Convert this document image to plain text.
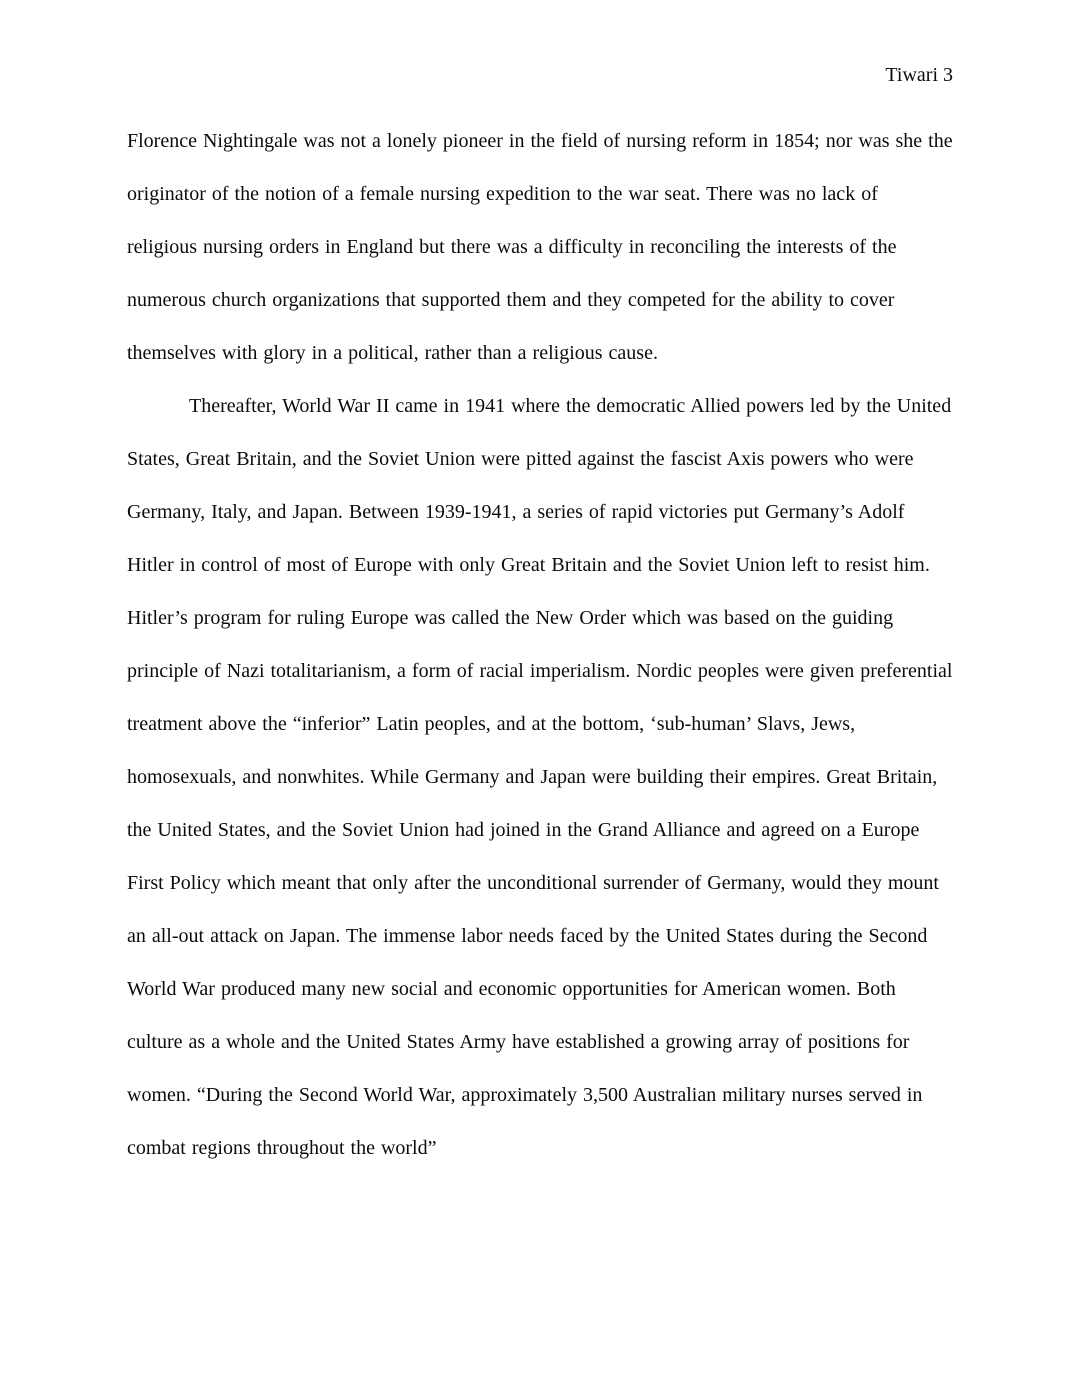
Tiwari 3

Florence Nightingale was not a lonely pioneer in the field of nursing reform in 1854; nor was she the originator of the notion of a female nursing expedition to the war seat. There was no lack of religious nursing orders in England but there was a difficulty in reconciling the interests of the numerous church organizations that supported them and they competed for the ability to cover themselves with glory in a political, rather than a religious cause.

Thereafter, World War II came in 1941 where the democratic Allied powers led by the United States, Great Britain, and the Soviet Union were pitted against the fascist Axis powers who were Germany, Italy, and Japan. Between 1939-1941, a series of rapid victories put Germany’s Adolf Hitler in control of most of Europe with only Great Britain and the Soviet Union left to resist him. Hitler’s program for ruling Europe was called the New Order which was based on the guiding principle of Nazi totalitarianism, a form of racial imperialism. Nordic peoples were given preferential treatment above the “inferior” Latin peoples, and at the bottom, ‘sub-human’ Slavs, Jews, homosexuals, and nonwhites. While Germany and Japan were building their empires. Great Britain, the United States, and the Soviet Union had joined in the Grand Alliance and agreed on a Europe First Policy which meant that only after the unconditional surrender of Germany, would they mount an all-out attack on Japan. The immense labor needs faced by the United States during the Second World War produced many new social and economic opportunities for American women. Both culture as a whole and the United States Army have established a growing array of positions for women. “During the Second World War, approximately 3,500 Australian military nurses served in combat regions throughout the world”
